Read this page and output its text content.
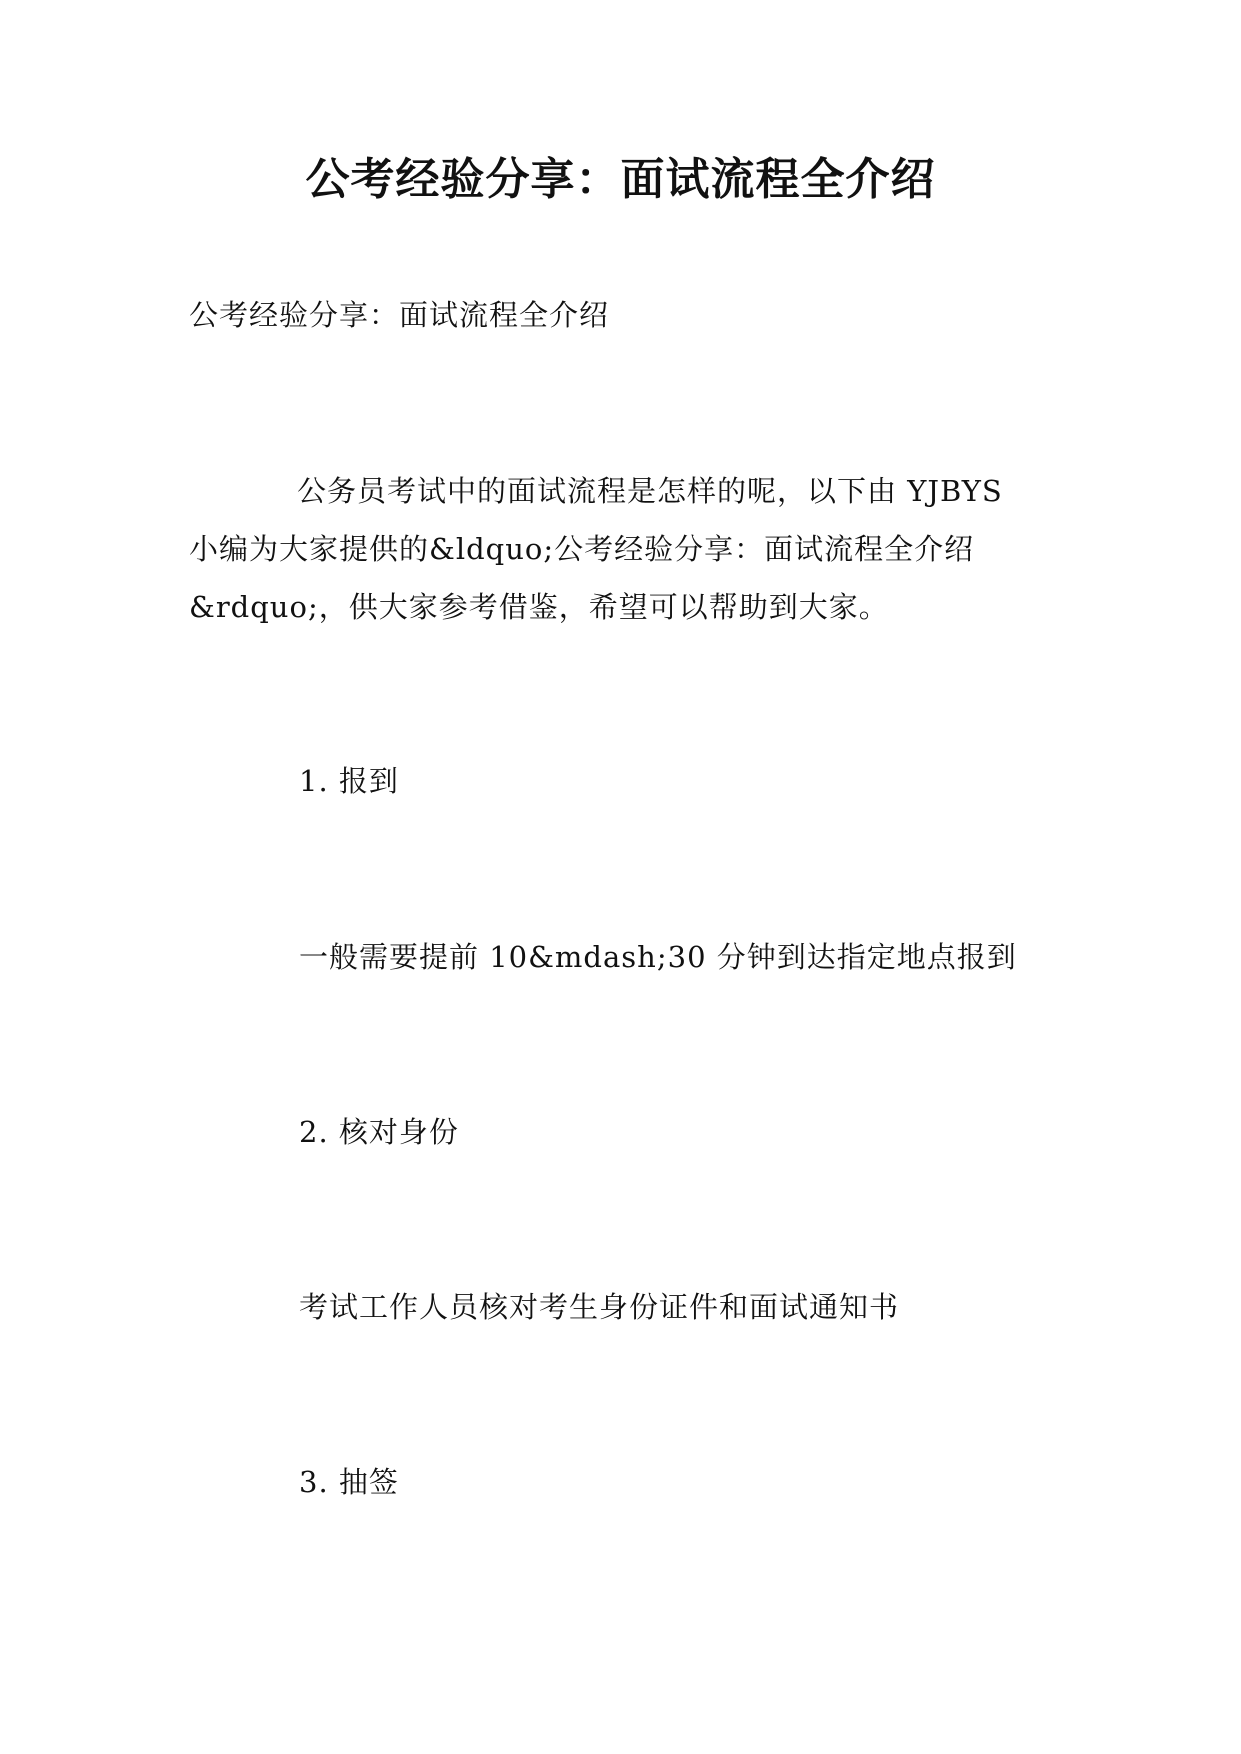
公考经验分享：面试流程全介绍

公考经验分享：面试流程全介绍

公务员考试中的面试流程是怎样的呢，以下由 YJBYS
小编为大家提供的&ldquo;公考经验分享：面试流程全介绍
&rdquo;，供大家参考借鉴，希望可以帮助到大家。

1. 报到

一般需要提前 10&mdash;30 分钟到达指定地点报到

2. 核对身份

考试工作人员核对考生身份证件和面试通知书

3. 抽签
